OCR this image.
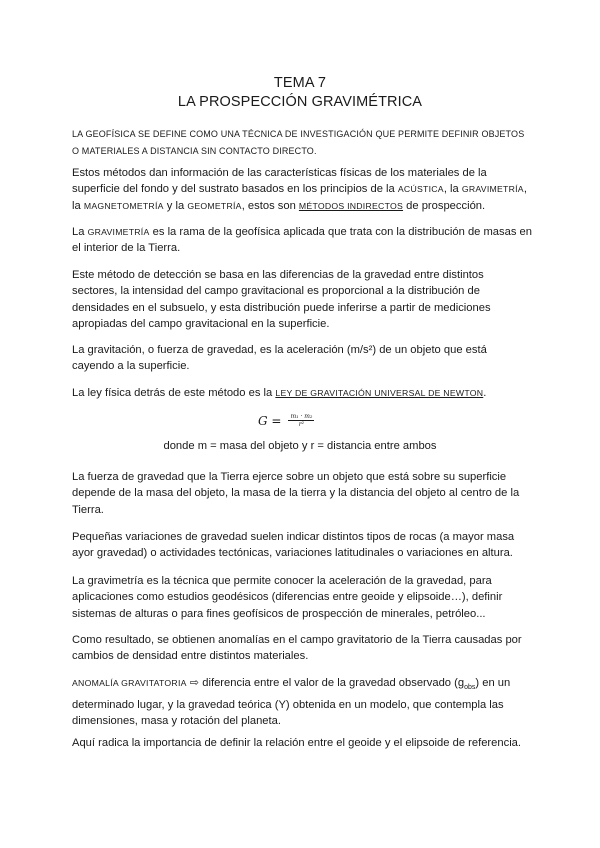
TEMA 7
LA PROSPECCIÓN GRAVIMÉTRICA
LA GEOFÍSICA SE DEFINE COMO UNA TÉCNICA DE INVESTIGACIÓN QUE PERMITE DEFINIR OBJETOS O MATERIALES A DISTANCIA SIN CONTACTO DIRECTO.
Estos métodos dan información de las características físicas de los materiales de la superficie del fondo y del sustrato basados en los principios de la ACÚSTICA, la GRAVIMETRÍA, la MAGNETOMETRÍA y la GEOMETRÍA, estos son MÉTODOS INDIRECTOS de prospección.
La GRAVIMETRÍA es la rama de la geofísica aplicada que trata con la distribución de masas en el interior de la Tierra.
Este método de detección se basa en las diferencias de la gravedad entre distintos sectores, la intensidad del campo gravitacional es proporcional a la distribución de densidades en el subsuelo, y esta distribución puede inferirse a partir de mediciones apropiadas del campo gravitacional en la superficie.
La gravitación, o fuerza de gravedad, es la aceleración (m/s²) de un objeto que está cayendo a la superficie.
La ley física detrás de este método es la LEY DE GRAVITACIÓN UNIVERSAL DE NEWTON.
$G = \frac{\text{m₁ · m₂}}{\text{r²}}$
donde m = masa del objeto y r = distancia entre ambos
La fuerza de gravedad que la Tierra ejerce sobre un objeto que está sobre su superficie depende de la masa del objeto, la masa de la tierra y la distancia del objeto al centro de la Tierra.
Pequeñas variaciones de gravedad suelen indicar distintos tipos de rocas (a mayor masa ayor gravedad) o actividades tectónicas, variaciones latitudinales o variaciones en altura.
La gravimetría es la técnica que permite conocer la aceleración de la gravedad, para aplicaciones como estudios geodésicos (diferencias entre geoide y elipsoide…), definir sistemas de alturas o para fines geofísicos de prospección de minerales, petróleo...
Como resultado, se obtienen anomalías en el campo gravitatorio de la Tierra causadas por cambios de densidad entre distintos materiales.
ANOMALÍA GRAVITATORIA ⇨ diferencia entre el valor de la gravedad observado $(g_{obs})$ en un determinado lugar, y la gravedad teórica (Υ) obtenida en un modelo, que contempla las dimensiones, masa y rotación del planeta.
Aquí radica la importancia de definir la relación entre el geoide y el elipsoide de referencia.
